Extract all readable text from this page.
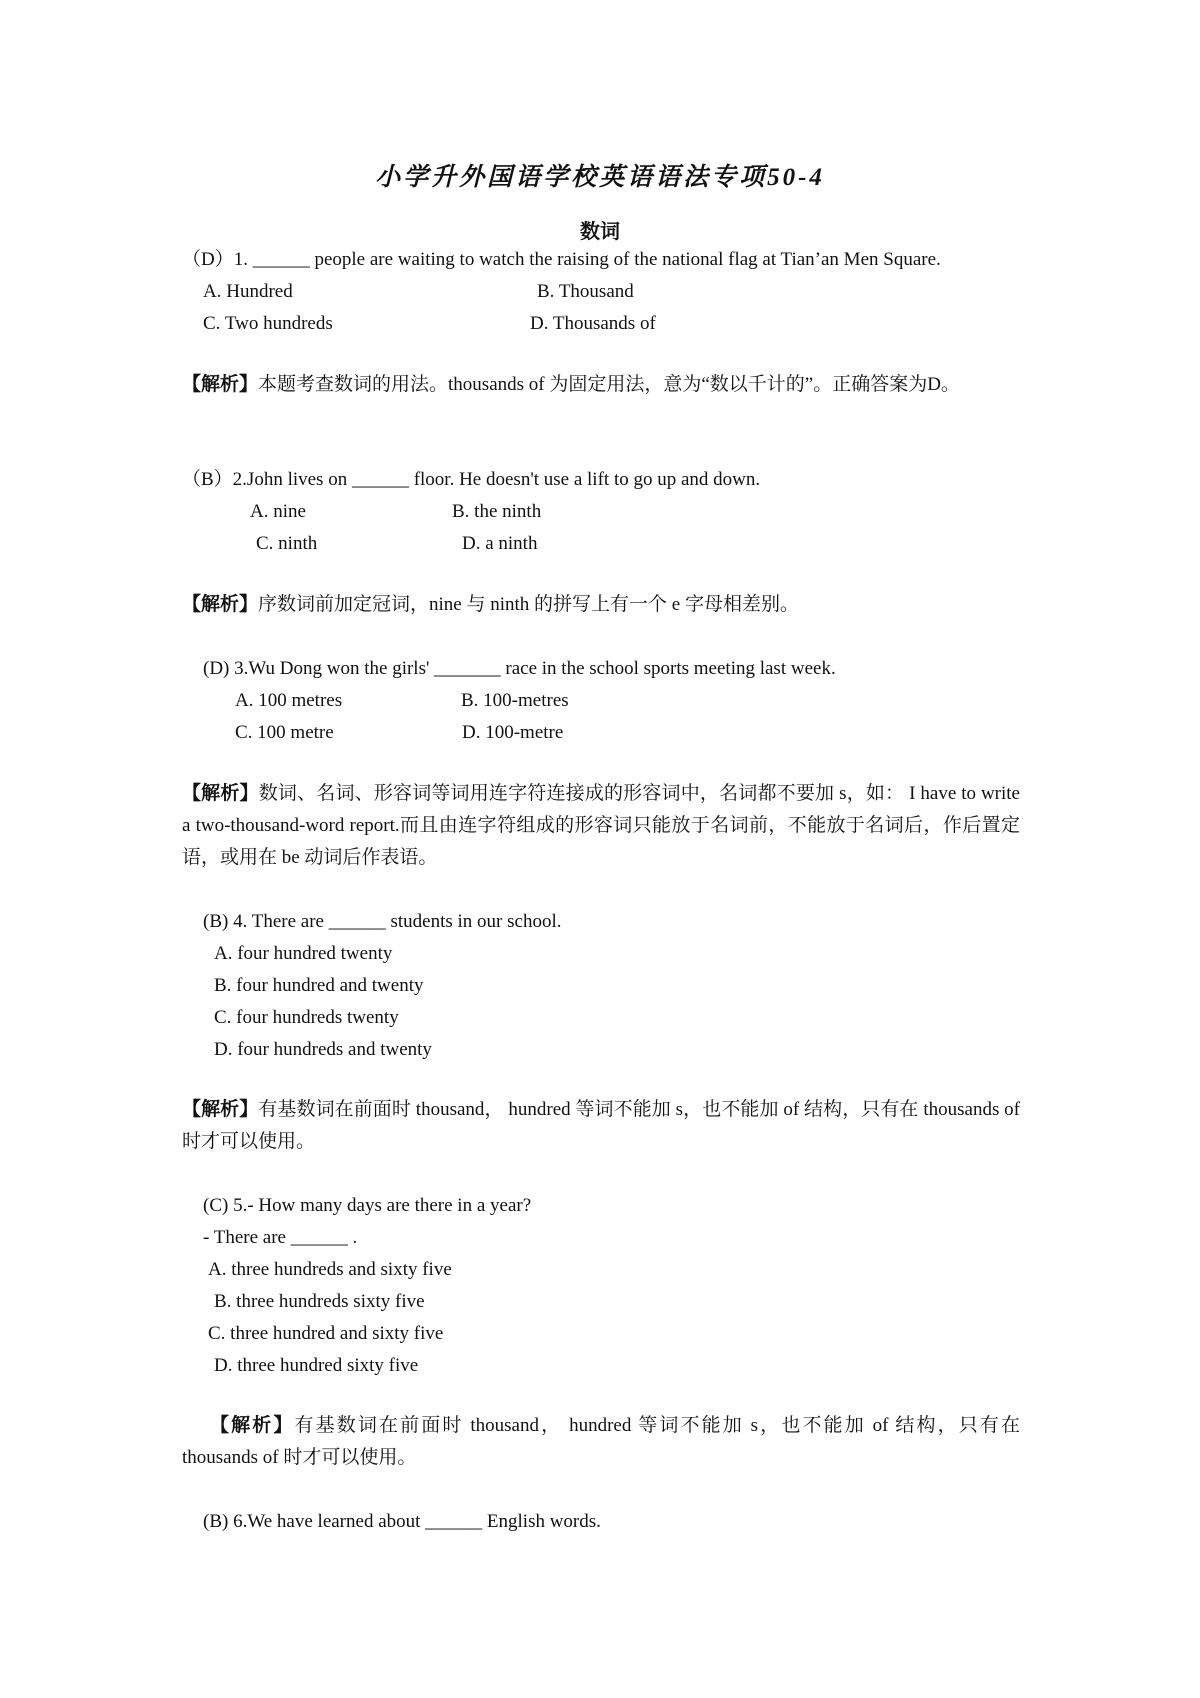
小学升外国语学校英语语法专项50-4
数词
（D）1. ______ people are waiting to watch the raising of the national flag at Tian’an Men Square.
A. Hundred	B. Thousand
C. Two hundreds	D. Thousands of
【解析】本题考查数词的用法。thousands of 为固定用法，意为“数以千计的”。正确答案为D。
（B）2.John lives on ______ floor. He doesn't use a lift to go up and down.
A. nine	B. the ninth
C. ninth	D. a ninth
【解析】序数词前加定冠词，nine 与 ninth 的拼写上有一个 e 字母相差别。
(D) 3.Wu Dong won the girls' _______ race in the school sports meeting last week.
A. 100 metres	B. 100-metres
C. 100 metre	D. 100-metre
【解析】数词、名词、形容词等词用连字符连接成的形容词中，名词都不要加 s，如： I have to write a two-thousand-word report.而且由连字符组成的形容词只能放于名词前，不能放于名词后，作后置定语，或用在 be 动词后作表语。
(B) 4. There are ______ students in our school.
A. four hundred twenty
B. four hundred and twenty
C. four hundreds twenty
D. four hundreds and twenty
【解析】有基数词在前面时 thousand， hundred 等词不能加 s，也不能加 of 结构，只有在 thousands of 时才可以使用。
(C) 5.- How many days are there in a year?
- There are ______ .
A. three hundreds and sixty five
B. three hundreds sixty five
C. three hundred and sixty five
D. three hundred sixty five
【解析】有基数词在前面时 thousand， hundred 等词不能加 s，也不能加 of 结构，只有在 thousands of 时才可以使用。
(B) 6.We have learned about ______ English words.
